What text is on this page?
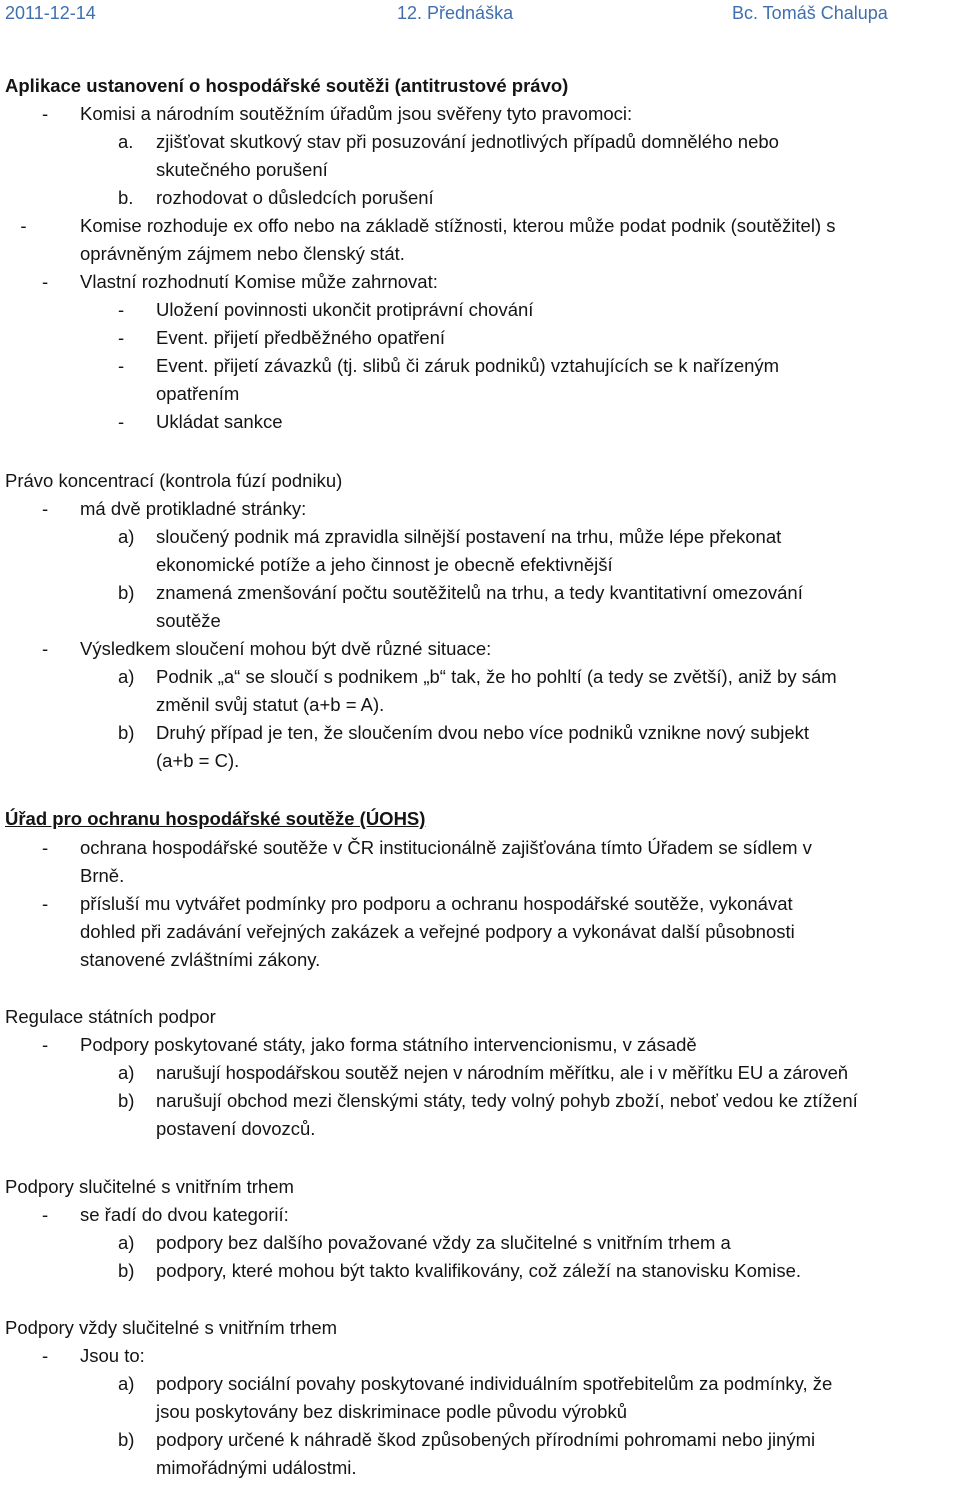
2011-12-14	12. Přednáška	Bc. Tomáš Chalupa
Aplikace ustanovení o hospodářské soutěži (antitrustové právo)
- Komisi a národním soutěžním úřadům jsou svěřeny tyto pravomoci:
a. zjišťovat skutkový stav při posuzování jednotlivých případů domnělého nebo
skutečného porušení
b. rozhodovat o důsledcích porušení
-	Komise rozhoduje ex offo nebo na základě stížnosti, kterou může podat podnik (soutěžitel) s
oprávněným zájmem nebo členský stát.
- Vlastní rozhodnutí Komise může zahrnovat:
- Uložení povinnosti ukončit protiprávní chování
- Event. přijetí předběžného opatření
- Event. přijetí závazků (tj. slibů či záruk podniků) vztahujících se k nařízeným
opatřením
- Ukládat sankce
Právo koncentrací (kontrola fúzí podniku)
- má dvě protikladné stránky:
a) sloučený podnik má zpravidla silnější postavení na trhu, může lépe překonat
ekonomické potíže a jeho činnost je obecně efektivnější
b) znamená zmenšování počtu soutěžitelů na trhu, a tedy kvantitativní omezování
soutěže
- Výsledkem sloučení mohou být dvě různé situace:
a) Podnik „a“ se sloučí s podnikem „b“ tak, že ho pohltí (a tedy se zvětší), aniž by sám
změnil svůj statut (a+b = A).
b) Druhý případ je ten, že sloučením dvou nebo více podniků vznikne nový subjekt
(a+b = C).
Úřad pro ochranu hospodářské soutěže (ÚOHS)
- ochrana hospodářské soutěže v ČR institucionálně zajišťována tímto Úřadem se sídlem v
Brně.
- přísluší mu vytvářet podmínky pro podporu a ochranu hospodářské soutěže, vykonávat
dohled při zadávání veřejných zakázek a veřejné podpory a vykonávat další působnosti
stanovené zvláštními zákony.
Regulace státních podpor
- Podpory poskytované státy, jako forma státního intervencionismu, v zásadě
a) narušují hospodářskou soutěž nejen v národním měřítku, ale i v měřítku EU a zároveň
b) narušují obchod mezi členskými státy, tedy volný pohyb zboží, neboť vedou ke ztížení
postavení dovozců.
Podpory slučitelné s vnitřním trhem
- se řadí do dvou kategorií:
a) podpory bez dalšího považované vždy za slučitelné s vnitřním trhem a
b) podpory, které mohou být takto kvalifikovány, což záleží na stanovisku Komise.
Podpory vždy slučitelné s vnitřním trhem
- Jsou to:
a) podpory sociální povahy poskytované individuálním spotřebitelům za podmínky, že
jsou poskytovány bez diskriminace podle původu výrobků
b) podpory určené k náhradě škod způsobených přírodními pohromami nebo jinými
mimořádnými událostmi.
